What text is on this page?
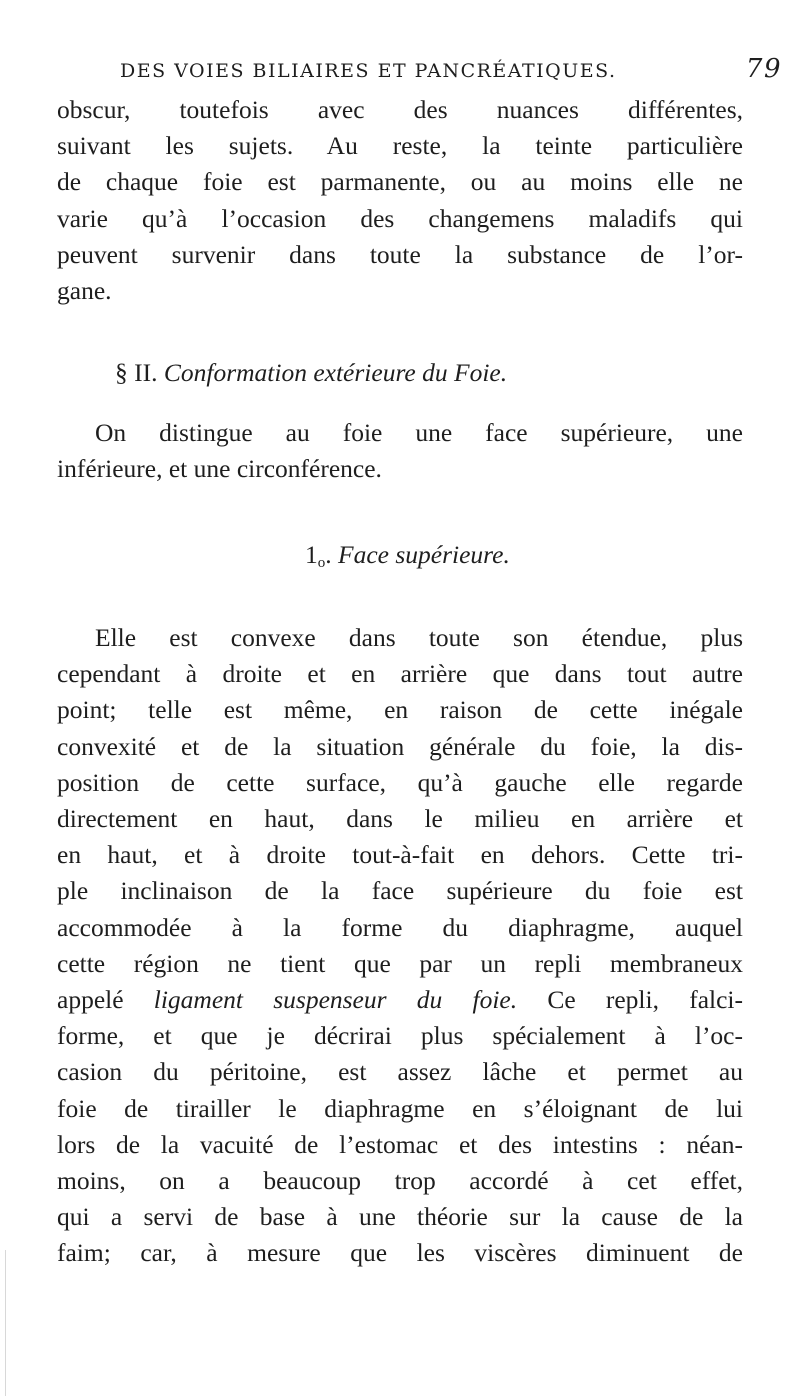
DES VOIES BILIAIRES ET PANCRÉATIQUES.	79
obscur, toutefois avec des nuances différentes,
suivant les sujets. Au reste, la teinte particulière
de chaque foie est parmanente, ou au moins elle ne
varie qu’à l’occasion des changemens maladifs qui
peuvent survenir dans toute la substance de l’or-
gane.
§ II. Conformation extérieure du Foie.
On distingue au foie une face supérieure, une
inférieure, et une circonférence.
1o. Face supérieure.
Elle est convexe dans toute son étendue, plus
cependant à droite et en arrière que dans tout autre
point; telle est même, en raison de cette inégale
convexité et de la situation générale du foie, la dis-
position de cette surface, qu’à gauche elle regarde
directement en haut, dans le milieu en arrière et
en haut, et à droite tout-à-fait en dehors. Cette tri-
ple inclinaison de la face supérieure du foie est
accommodée à la forme du diaphragme, auquel
cette région ne tient que par un repli membraneux
appelé ligament suspenseur du foie. Ce repli, falci-
forme, et que je décrirai plus spécialement à l’oc-
casion du péritoine, est assez lâche et permet au
foie de tirailler le diaphragme en s’éloignant de lui
lors de la vacuité de l’estomac et des intestins : néan-
moins, on a beaucoup trop accordé à cet effet,
qui a servi de base à une théorie sur la cause de la
faim; car, à mesure que les viscères diminuent de
